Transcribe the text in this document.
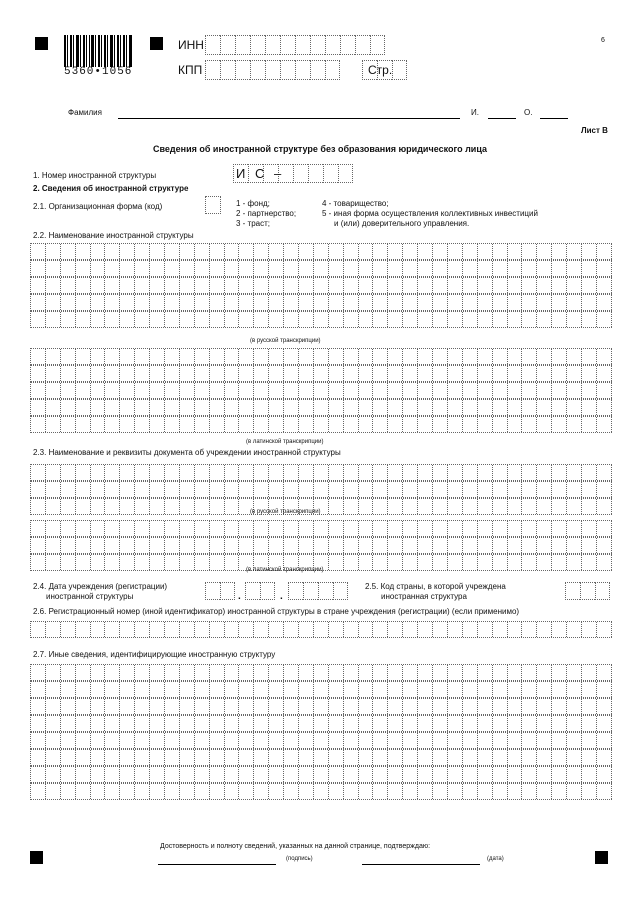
5360•1056
ИНН
КПП	Стр.
6
Фамилия	И.	О.
Лист В
Сведения об иностранной структуре без образования юридического лица
1. Номер иностранной структуры	И С –
2. Сведения об иностранной структуре
2.1. Организационная форма (код)	1 - фонд;
2 - партнерство;
3 - траст;
4 - товарищество;
5 - иная форма осуществления коллективных инвестиций
и (или) доверительного управления.
2.2. Наименование иностранной структуры
(в русской транскрипции)
(в латинской транскрипции)
2.3. Наименование и реквизиты документа об учреждении иностранной структуры
(в русской транскрипции)
(в латинской транскрипции)
2.4. Дата учреждения (регистрации)
иностранной структуры	.	.
2.5. Код страны, в которой учреждена
иностранная структура
2.6. Регистрационный номер (иной идентификатор) иностранной структуры в стране учреждения (регистрации) (если применимо)
2.7. Иные сведения, идентифицирующие иностранную структуру
Достоверность и полноту сведений, указанных на данной странице, подтверждаю:
(подпись)	(дата)
